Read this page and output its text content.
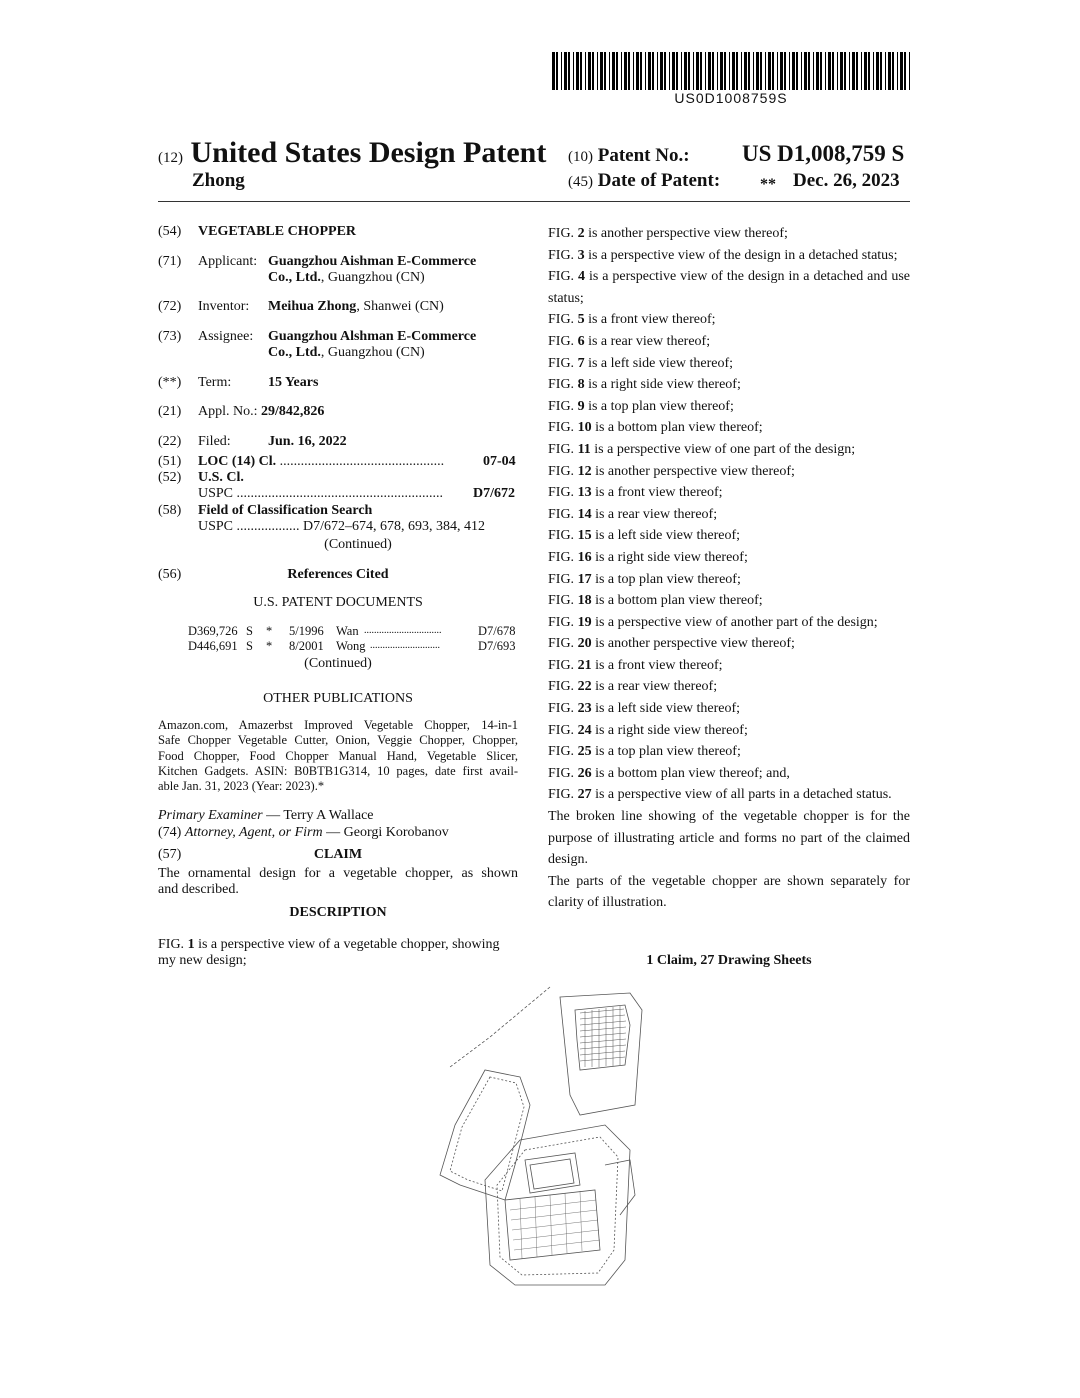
US0D1008759S
(12) United States Design Patent
Zhong
(10) Patent No.: US D1,008,759 S
(45) Date of Patent: ** Dec. 26, 2023
(54) VEGETABLE CHOPPER
(71) Applicant: Guangzhou Aishman E-Commerce
Co., Ltd., Guangzhou (CN)
(72) Inventor: Meihua Zhong, Shanwei (CN)
(73) Assignee: Guangzhou Alshman E-Commerce
Co., Ltd., Guangzhou (CN)
(**) Term:	15 Years
(21) Appl. No.: 29/842,826
(22) Filed:	Jun. 16, 2022
(51) LOC (14) Cl. ...............................................	07-04
(52) U.S. Cl.
USPC ...........................................................	D7/672
(58) Field of Classification Search
USPC .................. D7/672–674, 678, 693, 384, 412
(Continued)
(56)	References Cited
U.S. PATENT DOCUMENTS
D369,726 S * 5/1996 Wan ...............................	D7/678
D446,691 S * 8/2001 Wong ............................	D7/693
(Continued)
OTHER PUBLICATIONS
Amazon.com, Amazerbst Improved Vegetable Chopper, 14-in-1
Safe Chopper Vegetable Cutter, Onion, Veggie Chopper, Chopper,
Food Chopper, Food Chopper Manual Hand, Vegetable Slicer,
Kitchen Gadgets. ASIN: B0BTB1G314, 10 pages, date first avail-
able Jan. 31, 2023 (Year: 2023).*
Primary Examiner — Terry A Wallace
(74) Attorney, Agent, or Firm — Georgi Korobanov
(57)	CLAIM
The ornamental design for a vegetable chopper, as shown
and described.
DESCRIPTION
FIG. 1 is a perspective view of a vegetable chopper, showing
my new design;

FIG. 2 is another perspective view thereof;

FIG. 3 is a perspective view of the design in a detached status;

FIG. 4 is a perspective view of the design in a detached and use status;

FIG. 5 is a front view thereof;

FIG. 6 is a rear view thereof;

FIG. 7 is a left side view thereof;

FIG. 8 is a right side view thereof;

FIG. 9 is a top plan view thereof;

FIG. 10 is a bottom plan view thereof;

FIG. 11 is a perspective view of one part of the design;

FIG. 12 is another perspective view thereof;

FIG. 13 is a front view thereof;

FIG. 14 is a rear view thereof;

FIG. 15 is a left side view thereof;

FIG. 16 is a right side view thereof;

FIG. 17 is a top plan view thereof;

FIG. 18 is a bottom plan view thereof;

FIG. 19 is a perspective view of another part of the design;

FIG. 20 is another perspective view thereof;

FIG. 21 is a front view thereof;

FIG. 22 is a rear view thereof;

FIG. 23 is a left side view thereof;

FIG. 24 is a right side view thereof;

FIG. 25 is a top plan view thereof;

FIG. 26 is a bottom plan view thereof; and,

FIG. 27 is a perspective view of all parts in a detached status.

The broken line showing of the vegetable chopper is for the purpose of illustrating article and forms no part of the claimed design.

The parts of the vegetable chopper are shown separately for clarity of illustration.

1 Claim, 27 Drawing Sheets
